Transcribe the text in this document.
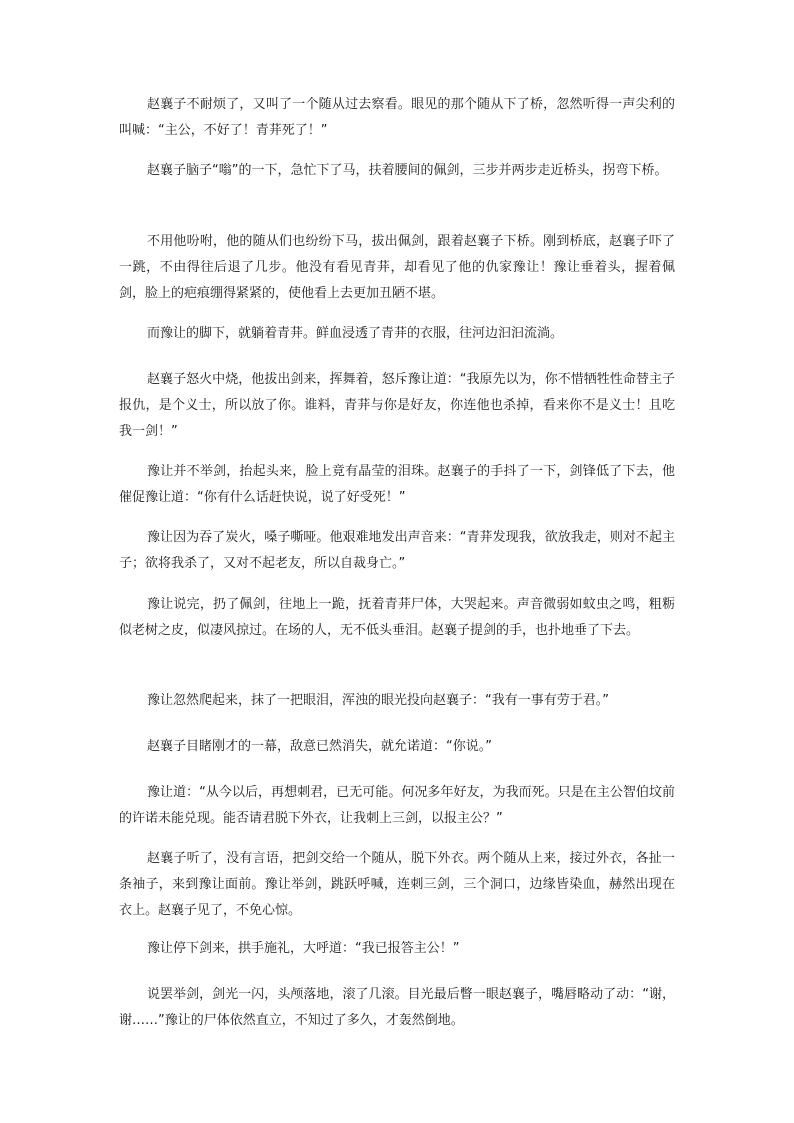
赵襄子不耐烦了，又叫了一个随从过去察看。眼见的那个随从下了桥，忽然听得一声尖利的叫喊：“主公，不好了！青荓死了！”

赵襄子脑子“嗡”的一下，急忙下了马，扶着腰间的佩剑，三步并两步走近桥头，拐弯下桥。

不用他吩咐，他的随从们也纷纷下马，拔出佩剑，跟着赵襄子下桥。刚到桥底，赵襄子吓了一跳，不由得往后退了几步。他没有看见青荓，却看见了他的仇家豫让！豫让垂着头，握着佩剑，脸上的疤痕绷得紧紧的，使他看上去更加丑陋不堪。

而豫让的脚下，就躺着青荓。鲜血浸透了青荓的衣服，往河边汩汩流淌。

赵襄子怒火中烧，他拔出剑来，挥舞着，怒斥豫让道：“我原先以为，你不惜牺牲性命替主子报仇，是个义士，所以放了你。谁料，青荓与你是好友，你连他也杀掉，看来你不是义士！且吃我一剑！”

豫让并不举剑，抬起头来，脸上竟有晶莹的泪珠。赵襄子的手抖了一下，剑锋低了下去，他催促豫让道：“你有什么话赶快说，说了好受死！”

豫让因为吞了炭火，嗓子嘶哑。他艰难地发出声音来：“青荓发现我，欲放我走，则对不起主子；欲将我杀了，又对不起老友，所以自裁身亡。”

豫让说完，扔了佩剑，往地上一跪，抚着青荓尸体，大哭起来。声音微弱如蚊虫之鸣，粗粝似老树之皮，似凄风掠过。在场的人，无不低头垂泪。赵襄子提剑的手，也扑地垂了下去。

豫让忽然爬起来，抹了一把眼泪，浑浊的眼光投向赵襄子：“我有一事有劳于君。”

赵襄子目睹刚才的一幕，敌意已然消失，就允诺道：“你说。”

豫让道：“从今以后，再想刺君，已无可能。何况多年好友，为我而死。只是在主公智伯坟前的许诺未能兑现。能否请君脱下外衣，让我刺上三剑，以报主公？”

赵襄子听了，没有言语，把剑交给一个随从，脱下外衣。两个随从上来，接过外衣，各扯一条袖子，来到豫让面前。豫让举剑，跳跃呼喊，连刺三剑，三个洞口，边缘皆染血，赫然出现在衣上。赵襄子见了，不免心惊。

豫让停下剑来，拱手施礼，大呼道：“我已报答主公！”

说罢举剑，剑光一闪，头颅落地，滚了几滚。目光最后瞥一眼赵襄子，嘴唇略动了动：“谢，谢……”豫让的尸体依然直立，不知过了多久，才轰然倒地。
